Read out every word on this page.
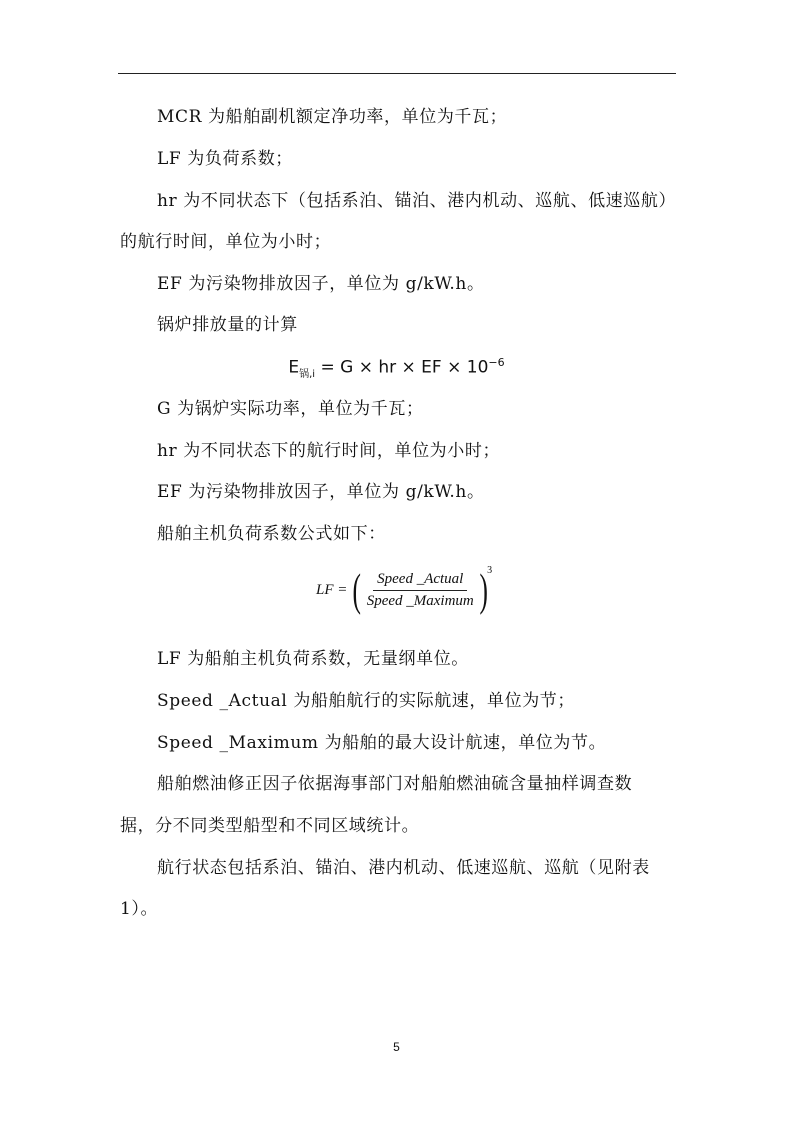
MCR 为船舶副机额定净功率，单位为千瓦；
LF 为负荷系数；
hr 为不同状态下（包括系泊、锚泊、港内机动、巡航、低速巡航）
的航行时间，单位为小时；
EF 为污染物排放因子，单位为 g/kW.h。
锅炉排放量的计算
$E_{锅,i} = G$ × hr × EF × $10^{-6}$
G 为锅炉实际功率，单位为千瓦；
hr 为不同状态下的航行时间，单位为小时；
EF 为污染物排放因子，单位为 g/kW.h。
船舶主机负荷系数公式如下：
LF = ( $\frac{\text{Speed \_Actual}}{\text{Speed \_Maximum}}$ ) 3
LF 为船舶主机负荷系数，无量纲单位。
Speed _Actual 为船舶航行的实际航速，单位为节；
Speed _Maximum 为船舶的最大设计航速，单位为节。
船舶燃油修正因子依据海事部门对船舶燃油硫含量抽样调查数
据，分不同类型船型和不同区域统计。
航行状态包括系泊、锚泊、港内机动、低速巡航、巡航（见附表
1）。
5
